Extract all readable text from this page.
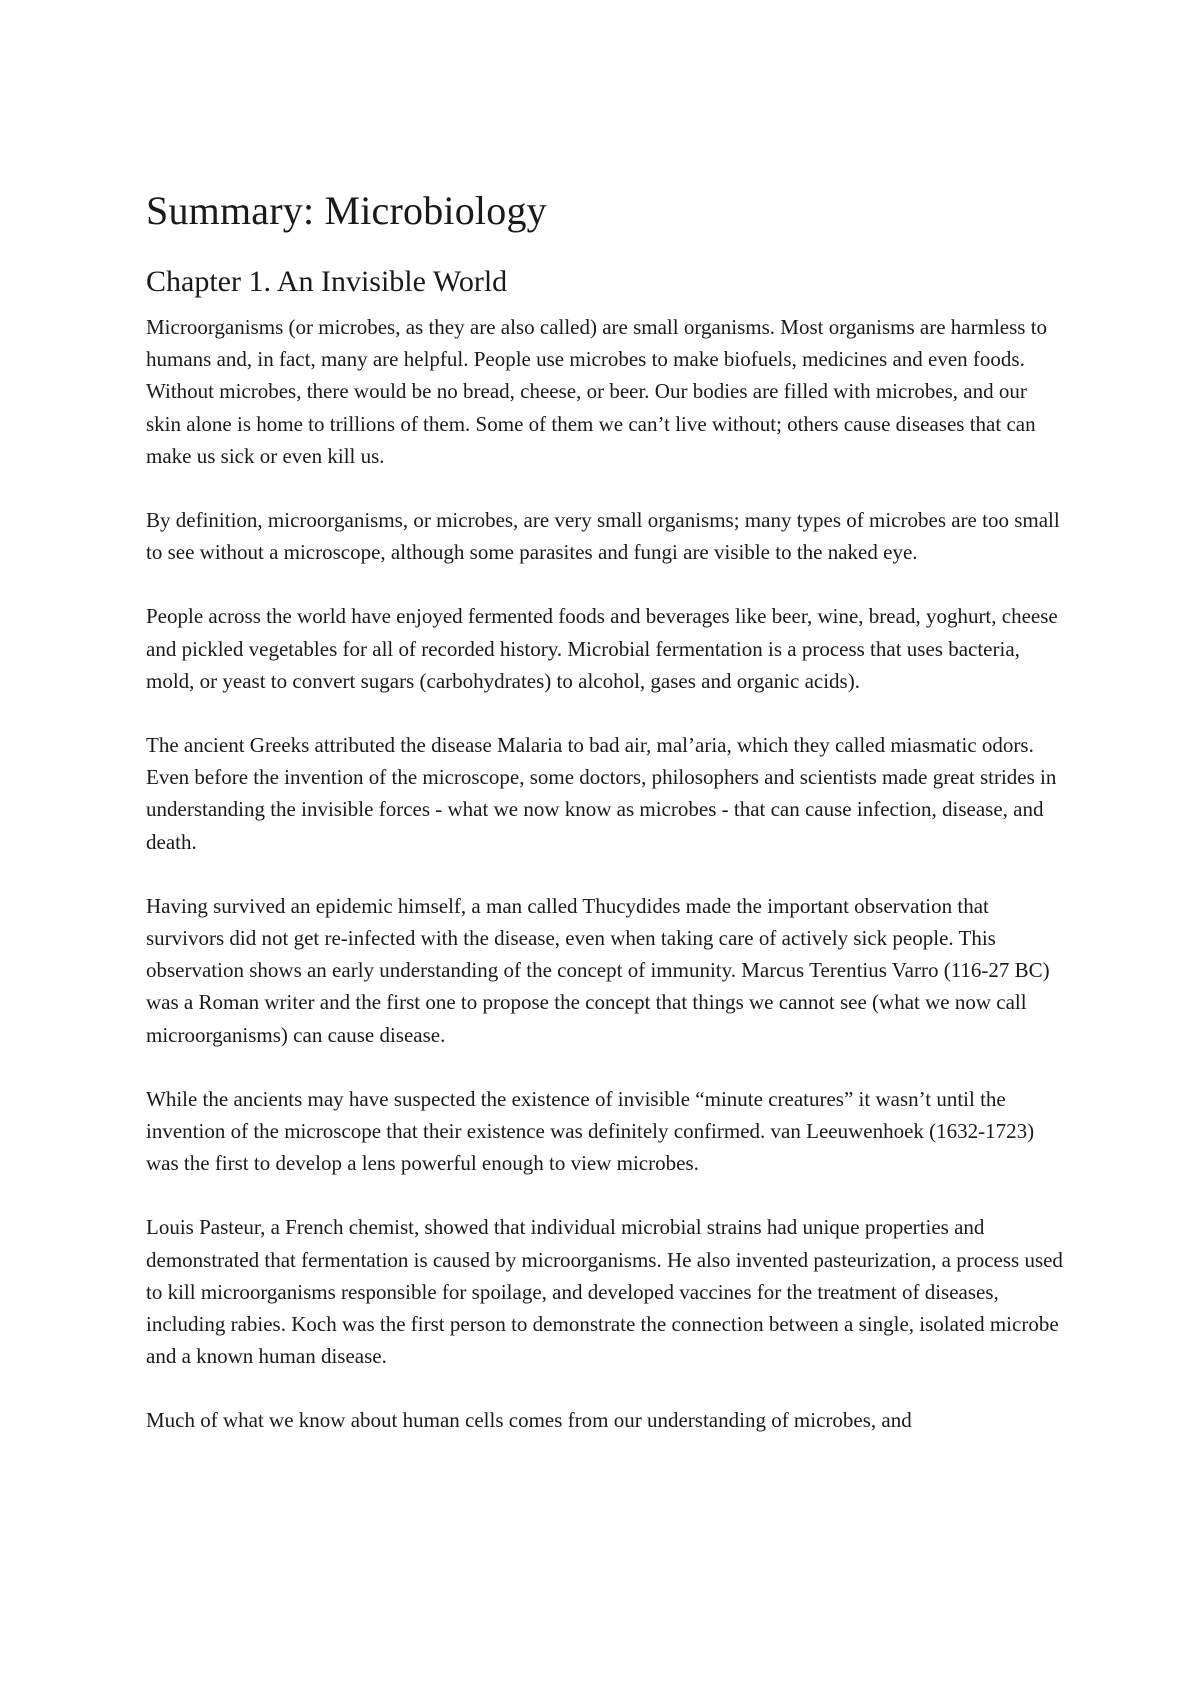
Summary: Microbiology
Chapter 1. An Invisible World

Microorganisms (or microbes, as they are also called) are small organisms. Most organisms are harmless to humans and, in fact, many are helpful. People use microbes to make biofuels, medicines and even foods. Without microbes, there would be no bread, cheese, or beer. Our bodies are filled with microbes, and our skin alone is home to trillions of them. Some of them we can’t live without; others cause diseases that can make us sick or even kill us.

By definition, microorganisms, or microbes, are very small organisms; many types of microbes are too small to see without a microscope, although some parasites and fungi are visible to the naked eye.

People across the world have enjoyed fermented foods and beverages like beer, wine, bread, yoghurt, cheese and pickled vegetables for all of recorded history. Microbial fermentation is a process that uses bacteria, mold, or yeast to convert sugars (carbohydrates) to alcohol, gases and organic acids).

The ancient Greeks attributed the disease Malaria to bad air, mal’aria, which they called miasmatic odors. Even before the invention of the microscope, some doctors, philosophers and scientists made great strides in understanding the invisible forces - what we now know as microbes - that can cause infection, disease, and death.

Having survived an epidemic himself, a man called Thucydides made the important observation that survivors did not get re-infected with the disease, even when taking care of actively sick people. This observation shows an early understanding of the concept of immunity. Marcus Terentius Varro (116-27 BC) was a Roman writer and the first one to propose the concept that things we cannot see (what we now call microorganisms) can cause disease.

While the ancients may have suspected the existence of invisible “minute creatures” it wasn’t until the invention of the microscope that their existence was definitely confirmed. van Leeuwenhoek (1632-1723) was the first to develop a lens powerful enough to view microbes.

Louis Pasteur, a French chemist, showed that individual microbial strains had unique properties and demonstrated that fermentation is caused by microorganisms. He also invented pasteurization, a process used to kill microorganisms responsible for spoilage, and developed vaccines for the treatment of diseases, including rabies. Koch was the first person to demonstrate the connection between a single, isolated microbe and a known human disease.

Much of what we know about human cells comes from our understanding of microbes, and
